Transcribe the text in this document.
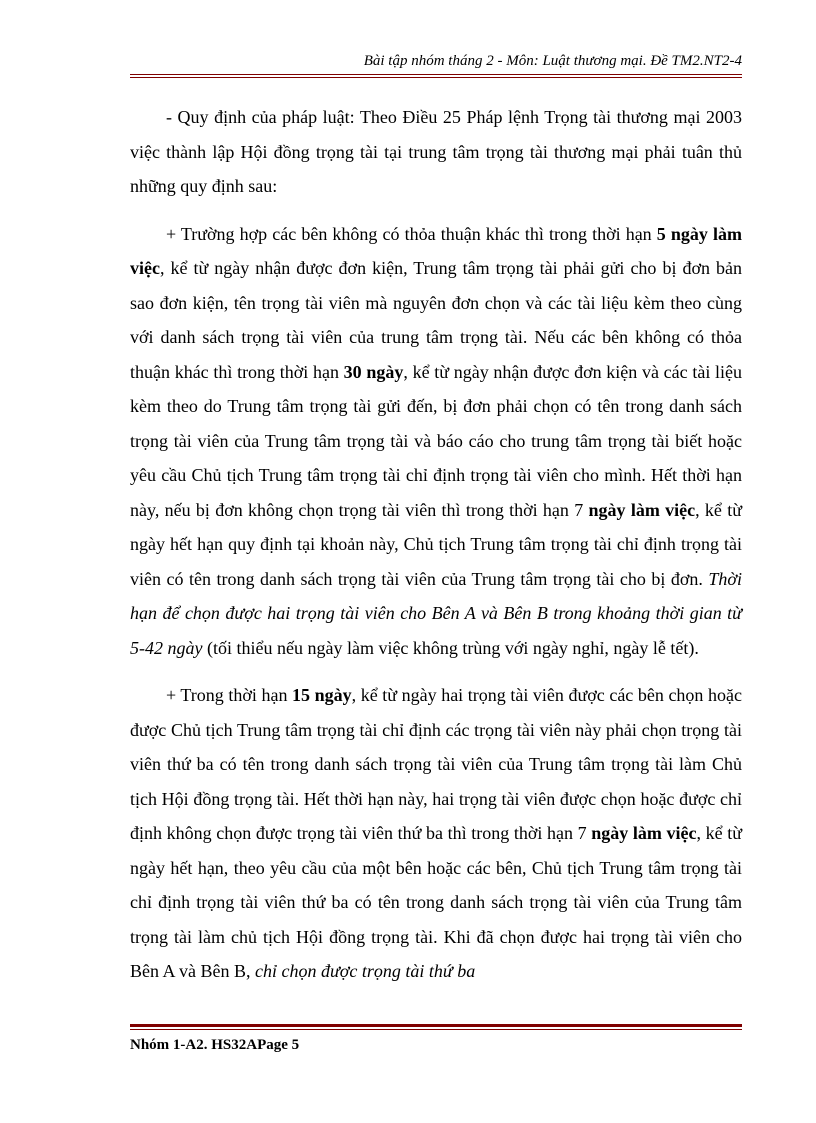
Bài tập nhóm tháng 2 - Môn: Luật thương mại. Đề TM2.NT2-4

- Quy định của pháp luật: Theo Điều 25 Pháp lệnh Trọng tài thương mại 2003 việc thành lập Hội đồng trọng tài tại trung tâm trọng tài thương mại phải tuân thủ những quy định sau:

+ Trường hợp các bên không có thỏa thuận khác thì trong thời hạn 5 ngày làm việc, kể từ ngày nhận được đơn kiện, Trung tâm trọng tài phải gửi cho bị đơn bản sao đơn kiện, tên trọng tài viên mà nguyên đơn chọn và các tài liệu kèm theo cùng với danh sách trọng tài viên của trung tâm trọng tài. Nếu các bên không có thỏa thuận khác thì trong thời hạn 30 ngày, kể từ ngày nhận được đơn kiện và các tài liệu kèm theo do Trung tâm trọng tài gửi đến, bị đơn phải chọn có tên trong danh sách trọng tài viên của Trung tâm trọng tài và báo cáo cho trung tâm trọng tài biết hoặc yêu cầu Chủ tịch Trung tâm trọng tài chỉ định trọng tài viên cho mình. Hết thời hạn này, nếu bị đơn không chọn trọng tài viên thì trong thời hạn 7 ngày làm việc, kể từ ngày hết hạn quy định tại khoản này, Chủ tịch Trung tâm trọng tài chỉ định trọng tài viên có tên trong danh sách trọng tài viên của Trung tâm trọng tài cho bị đơn. Thời hạn để chọn được hai trọng tài viên cho Bên A và Bên B trong khoảng thời gian từ 5-42 ngày (tối thiểu nếu ngày làm việc không trùng với ngày nghỉ, ngày lễ tết).

+ Trong thời hạn 15 ngày, kể từ ngày hai trọng tài viên được các bên chọn hoặc được Chủ tịch Trung tâm trọng tài chỉ định các trọng tài viên này phải chọn trọng tài viên thứ ba có tên trong danh sách trọng tài viên của Trung tâm trọng tài làm Chủ tịch Hội đồng trọng tài. Hết thời hạn này, hai trọng tài viên được chọn hoặc được chỉ định không chọn được trọng tài viên thứ ba thì trong thời hạn 7 ngày làm việc, kể từ ngày hết hạn, theo yêu cầu của một bên hoặc các bên, Chủ tịch Trung tâm trọng tài chỉ định trọng tài viên thứ ba có tên trong danh sách trọng tài viên của Trung tâm trọng tài làm chủ tịch Hội đồng trọng tài. Khi đã chọn được hai trọng tài viên cho Bên A và Bên B, chỉ chọn được trọng tài thứ ba

Nhóm 1-A2. HS32APage 5
